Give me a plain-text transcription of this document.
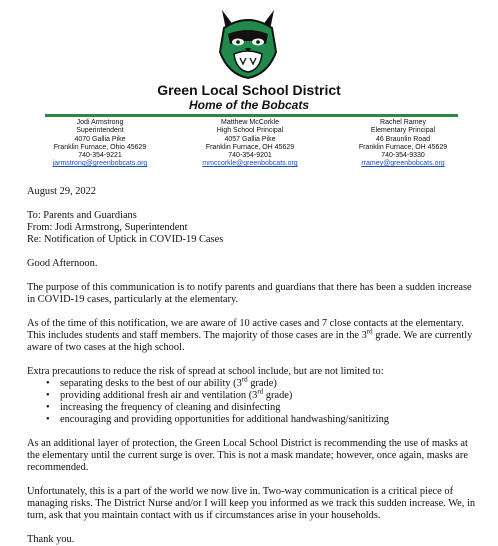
Green Local School District
Home of the Bobcats
Jodi Armstrong
Superintendent
4070 Gallia Pike
Franklin Furnace, Ohio 45629
740-354-9221
jarmstrong@greenbobcats.org
Matthew McCorkle
High School Principal
4057 Gallia Pike
Franklin Furnace, OH 45629
740-354-9201
mmccorkle@greenbobcats.org
Rachel Ramey
Elementary Principal
46 Braunlin Road
Franklin Furnace, OH 45629
740-354-9330
rramey@greenbobcats.org

August 29, 2022

To: Parents and Guardians

From: Jodi Armstrong, Superintendent

Re: Notification of Uptick in COVID-19 Cases

Good Afternoon.

The purpose of this communication is to notify parents and guardians that there has been a sudden increase in COVID-19 cases, particularly at the elementary.

As of the time of this notification, we are aware of 10 active cases and 7 close contacts at the elementary. This includes students and staff members. The majority of those cases are in the 3rd grade. We are currently aware of two cases at the high school.

Extra precautions to reduce the risk of spread at school include, but are not limited to:

• separating desks to the best of our ability (3rd grade)
• providing additional fresh air and ventilation (3rd grade)
• increasing the frequency of cleaning and disinfecting
• encouraging and providing opportunities for additional handwashing/sanitizing

As an additional layer of protection, the Green Local School District is recommending the use of masks at the elementary until the current surge is over. This is not a mask mandate; however, once again, masks are recommended.

Unfortunately, this is a part of the world we now live in. Two-way communication is a critical piece of managing risks. The District Nurse and/or I will keep you informed as we track this sudden increase. We, in turn, ask that you maintain contact with us if circumstances arise in your households.

Thank you.
